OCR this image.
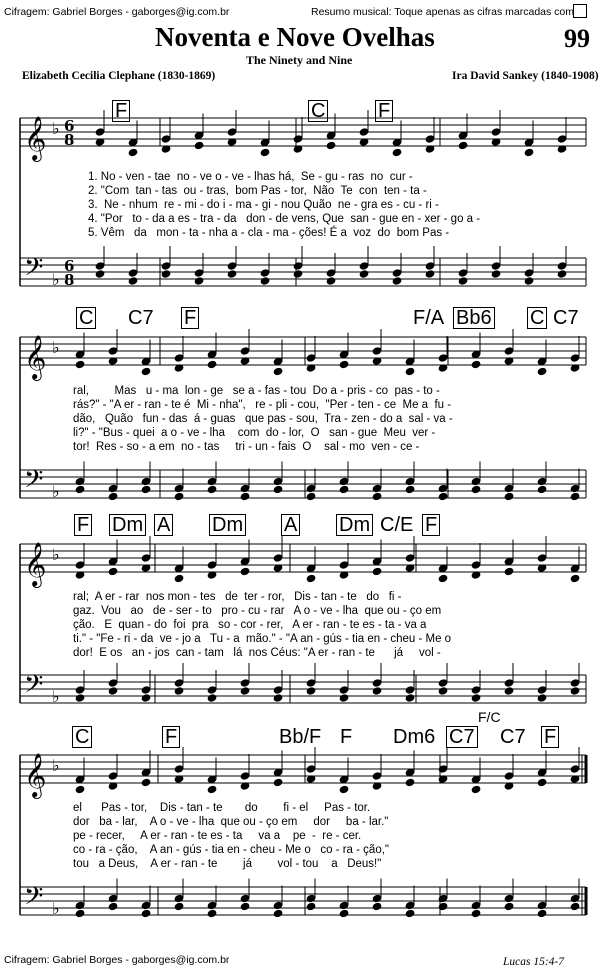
Cifragem: Gabriel Borges - gaborges@ig.com.br	Resumo musical: Toque apenas as cifras marcadas com
Noventa e Nove Ovelhas	99
The Ninety and Nine
Elizabeth Cecilia Clephane (1830-1869)	Ira David Sankey (1840-1908)
F	C	F
C C7 F	F/A Bb6 C C7
F Dm A Dm A Dm C/E F
C	F	Bb/F F Dm6
F/C
C7 C7 F
𝄞
𝄢
♭
♭
6
8
6
8
𝄞
𝄢
♭
♭
𝄞
𝄢
♭
♭
𝄞
𝄢
♭
♭
1. No - ven - tae  no - ve o - ve - lhas há,  Se - gu - ras  no  cur -
2. "Com  tan - tas  ou - tras,  bom Pas - tor,  Não  Te  con  ten - ta -
3.  Ne - nhum  re - mi - do i - ma - gi - nou Quão  ne - gra es - cu - ri -
4. "Por   to - da a es - tra - da   don - de vens, Que  san - gue en - xer - go a -
5. Vêm   da   mon - ta - nha a - cla - ma - ções! É a  voz  do  bom Pas -
ral,        Mas   u - ma  lon - ge   se a - fas - tou  Do a - pris - co  pas - to -
rás?" - "A er - ran - te é  Mi - nha",   re - pli - cou,  "Per - ten - ce  Me a  fu -
dão,   Quão   fun - das  á - guas   que pas - sou,  Tra - zen - do a  sal - va -
li?" - "Bus - quei  a o - ve - lha    com  do - lor,  O   san - gue  Meu  ver -
tor!  Res - so - a em  no - tas     tri - un - fais  O    sal - mo  ven - ce -
ral;  A er - rar  nos mon - tes   de  ter - ror,   Dis - tan - te   do   fi -
gaz.  Vou   ao   de - ser - to   pro - cu - rar   A o - ve - lha  que ou - ço em
ção.   E  quan - do  foi  pra   so - cor - rer,   A er - ran - te es - ta - va a
ti." - "Fe - ri - da  ve - jo a   Tu - a  mão." - "A an - gús - tia en - cheu - Me o
dor!  E os   an - jos  can - tam   lá  nos Céus: "A er - ran - te      já     vol -
el      Pas - tor,    Dis - tan - te       do        fi - el     Pas - tor.
dor   ba - lar,    A o - ve - lha  que ou - ço em     dor     ba - lar."
pe - recer,     A er - ran - te es - ta     va a    pe  -  re - cer.
co - ra - ção,    A an - gús - tia en - cheu - Me o   co - ra - ção,"
tou   a Deus,    A er - ran - te        já        vol - tou    a   Deus!"
Cifragem: Gabriel Borges - gaborges@ig.com.br	Lucas 15:4-7
